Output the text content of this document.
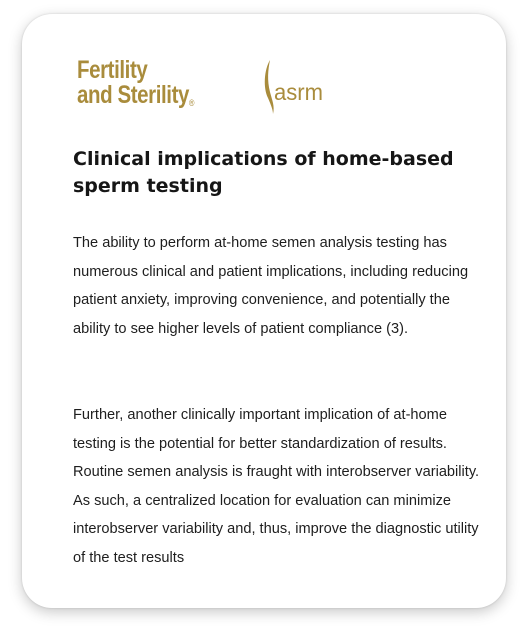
Fertility
and Sterility®	asrm
Clinical implications of home-based sperm testing

The ability to perform at-home semen analysis testing has numerous clinical and patient implications, including reducing patient anxiety, improving convenience, and potentially the ability to see higher levels of patient compliance (3).

Further, another clinically important implication of at-home testing is the potential for better standardization of results. Routine semen analysis is fraught with interobserver variability. As such, a centralized location for evaluation can minimize interobserver variability and, thus, improve the diagnostic utility of the test results
